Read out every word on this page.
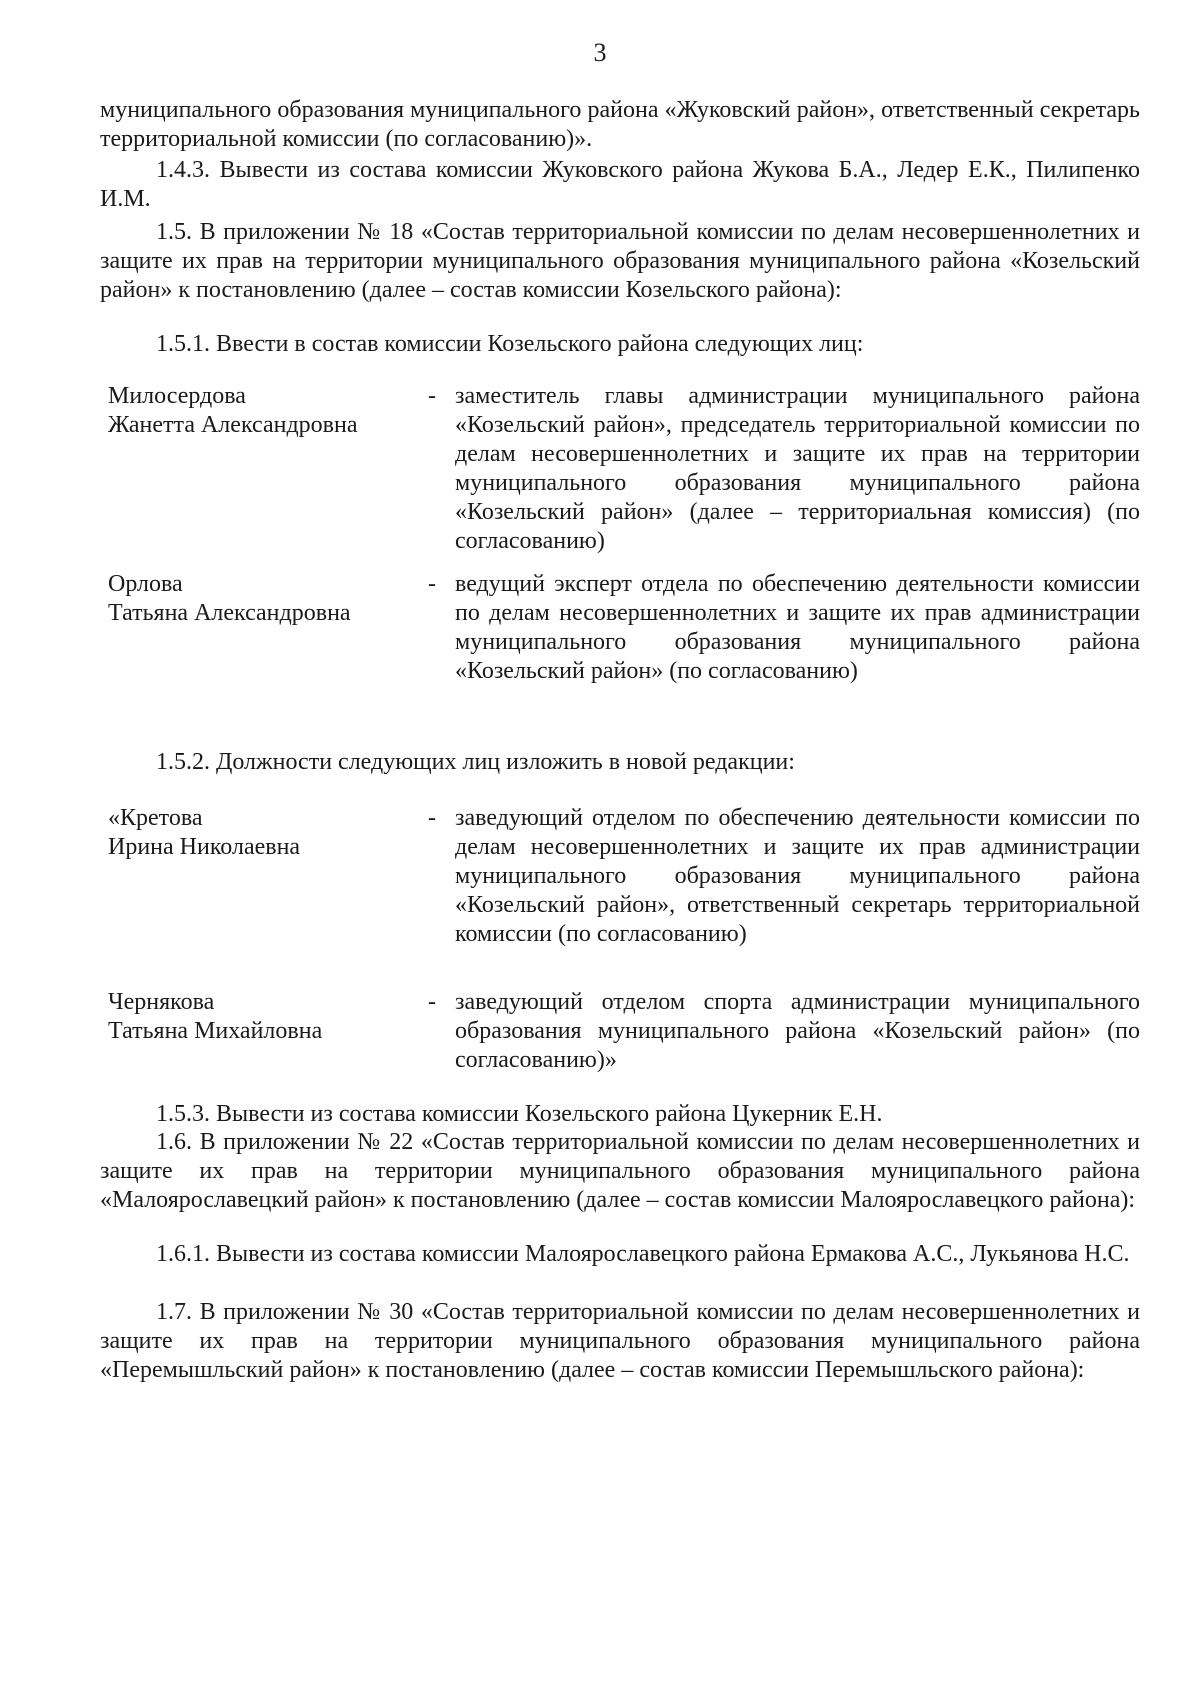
3

муниципального образования муниципального района «Жуковский район», ответственный секретарь территориальной комиссии (по согласованию)».

1.4.3. Вывести из состава комиссии Жуковского района Жукова Б.А., Ледер Е.К., Пилипенко И.М.

1.5. В приложении № 18 «Состав территориальной комиссии по делам несовершеннолетних и защите их прав на территории муниципального образования муниципального района «Козельский район» к постановлению (далее – состав комиссии Козельского района):

1.5.1. Ввести в состав комиссии Козельского района следующих лиц:

Милосердова
Жанетта Александровна
- заместитель главы администрации муниципального района «Козельский район», председатель территориальной комиссии по делам несовершеннолетних и защите их прав на территории муниципального образования муниципального района «Козельский район» (далее – территориальная комиссия) (по согласованию)
Орлова
Татьяна Александровна
- ведущий эксперт отдела по обеспечению деятельности комиссии по делам несовершеннолетних и защите их прав администрации муниципального образования муниципального района «Козельский район» (по согласованию)

1.5.2. Должности следующих лиц изложить в новой редакции:

«Кретова
Ирина Николаевна
- заведующий отделом по обеспечению деятельности комиссии по делам несовершеннолетних и защите их прав администрации муниципального образования муниципального района «Козельский район», ответственный секретарь территориальной комиссии (по согласованию)
Чернякова
Татьяна Михайловна
- заведующий отделом спорта администрации муниципального образования муниципального района «Козельский район» (по согласованию)»

1.5.3. Вывести из состава комиссии Козельского района Цукерник Е.Н.

1.6. В приложении № 22 «Состав территориальной комиссии по делам несовершеннолетних и защите их прав на территории муниципального образования муниципального района «Малоярославецкий район» к постановлению (далее – состав комиссии Малоярославецкого района):

1.6.1. Вывести из состава комиссии Малоярославецкого района Ермакова А.С., Лукьянова Н.С.

1.7. В приложении № 30 «Состав территориальной комиссии по делам несовершеннолетних и защите их прав на территории муниципального образования муниципального района «Перемышльский район» к постановлению (далее – состав комиссии Перемышльского района):
